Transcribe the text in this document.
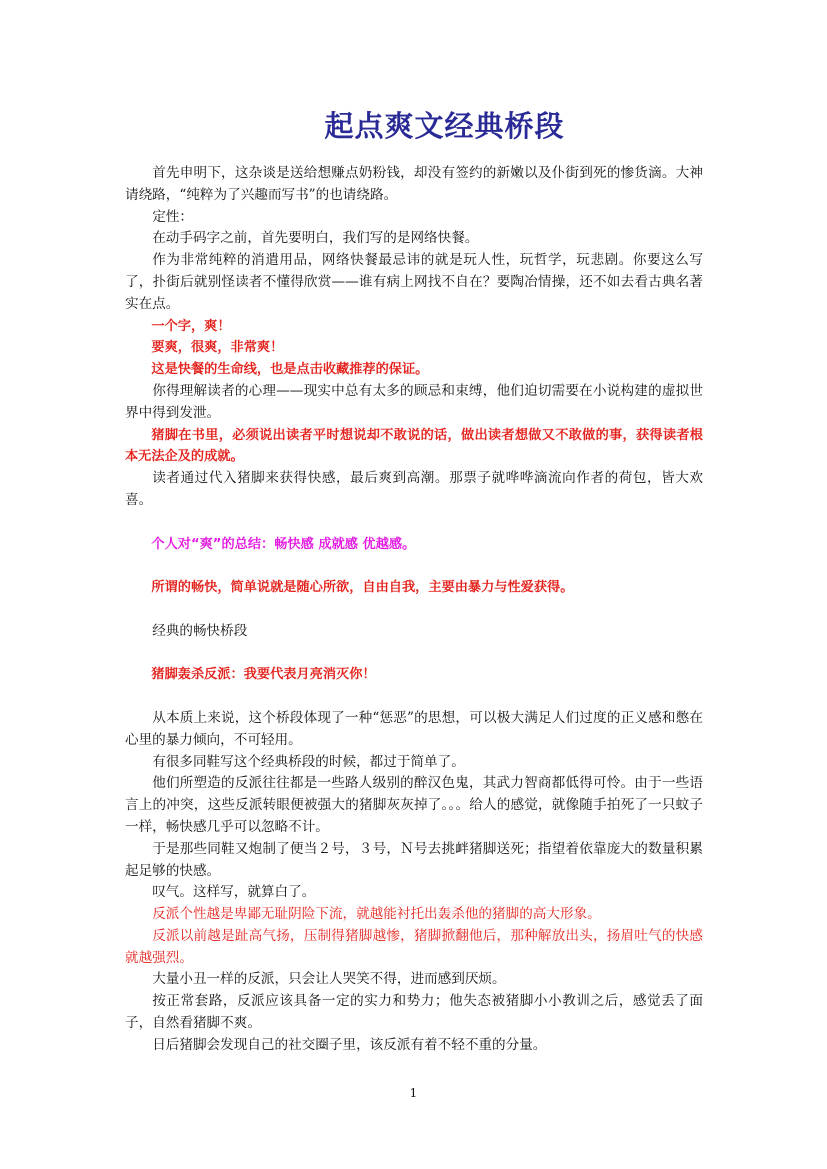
起点爽文经典桥段

首先申明下，这杂谈是送给想赚点奶粉钱，却没有签约的新嫩以及仆街到死的惨货滴。大神请绕路，“纯粹为了兴趣而写书”的也请绕路。

定性：

在动手码字之前，首先要明白，我们写的是网络快餐。

作为非常纯粹的消遣用品，网络快餐最忌讳的就是玩人性，玩哲学，玩悲剧。你要这么写了，扑街后就别怪读者不懂得欣赏——谁有病上网找不自在？要陶冶情操，还不如去看古典名著实在点。

一个字，爽！

要爽，很爽，非常爽！

这是快餐的生命线，也是点击收藏推荐的保证。

你得理解读者的心理——现实中总有太多的顾忌和束缚，他们迫切需要在小说构建的虚拟世界中得到发泄。

猪脚在书里，必须说出读者平时想说却不敢说的话，做出读者想做又不敢做的事，获得读者根本无法企及的成就。

读者通过代入猪脚来获得快感，最后爽到高潮。那票子就哗哗滴流向作者的荷包，皆大欢喜。

个人对“爽”的总结：畅快感 成就感 优越感。

所谓的畅快，简单说就是随心所欲，自由自我，主要由暴力与性爱获得。

经典的畅快桥段

猪脚轰杀反派：我要代表月亮消灭你！

从本质上来说，这个桥段体现了一种“惩恶”的思想，可以极大满足人们过度的正义感和憋在心里的暴力倾向，不可轻用。

有很多同鞋写这个经典桥段的时候，都过于简单了。

他们所塑造的反派往往都是一些路人级别的醉汉色鬼，其武力智商都低得可怜。由于一些语言上的冲突，这些反派转眼便被强大的猪脚灰灰掉了。。。给人的感觉，就像随手拍死了一只蚊子一样，畅快感几乎可以忽略不计。

于是那些同鞋又炮制了便当２号，３号，Ｎ号去挑衅猪脚送死；指望着依靠庞大的数量积累起足够的快感。

叹气。这样写，就算白了。

反派个性越是卑鄙无耻阴险下流，就越能衬托出轰杀他的猪脚的高大形象。

反派以前越是趾高气扬，压制得猪脚越惨，猪脚掀翻他后，那种解放出头，扬眉吐气的快感就越强烈。

大量小丑一样的反派，只会让人哭笑不得，进而感到厌烦。

按正常套路，反派应该具备一定的实力和势力；他失态被猪脚小小教训之后，感觉丢了面子，自然看猪脚不爽。

日后猪脚会发现自己的社交圈子里，该反派有着不轻不重的分量。

1
